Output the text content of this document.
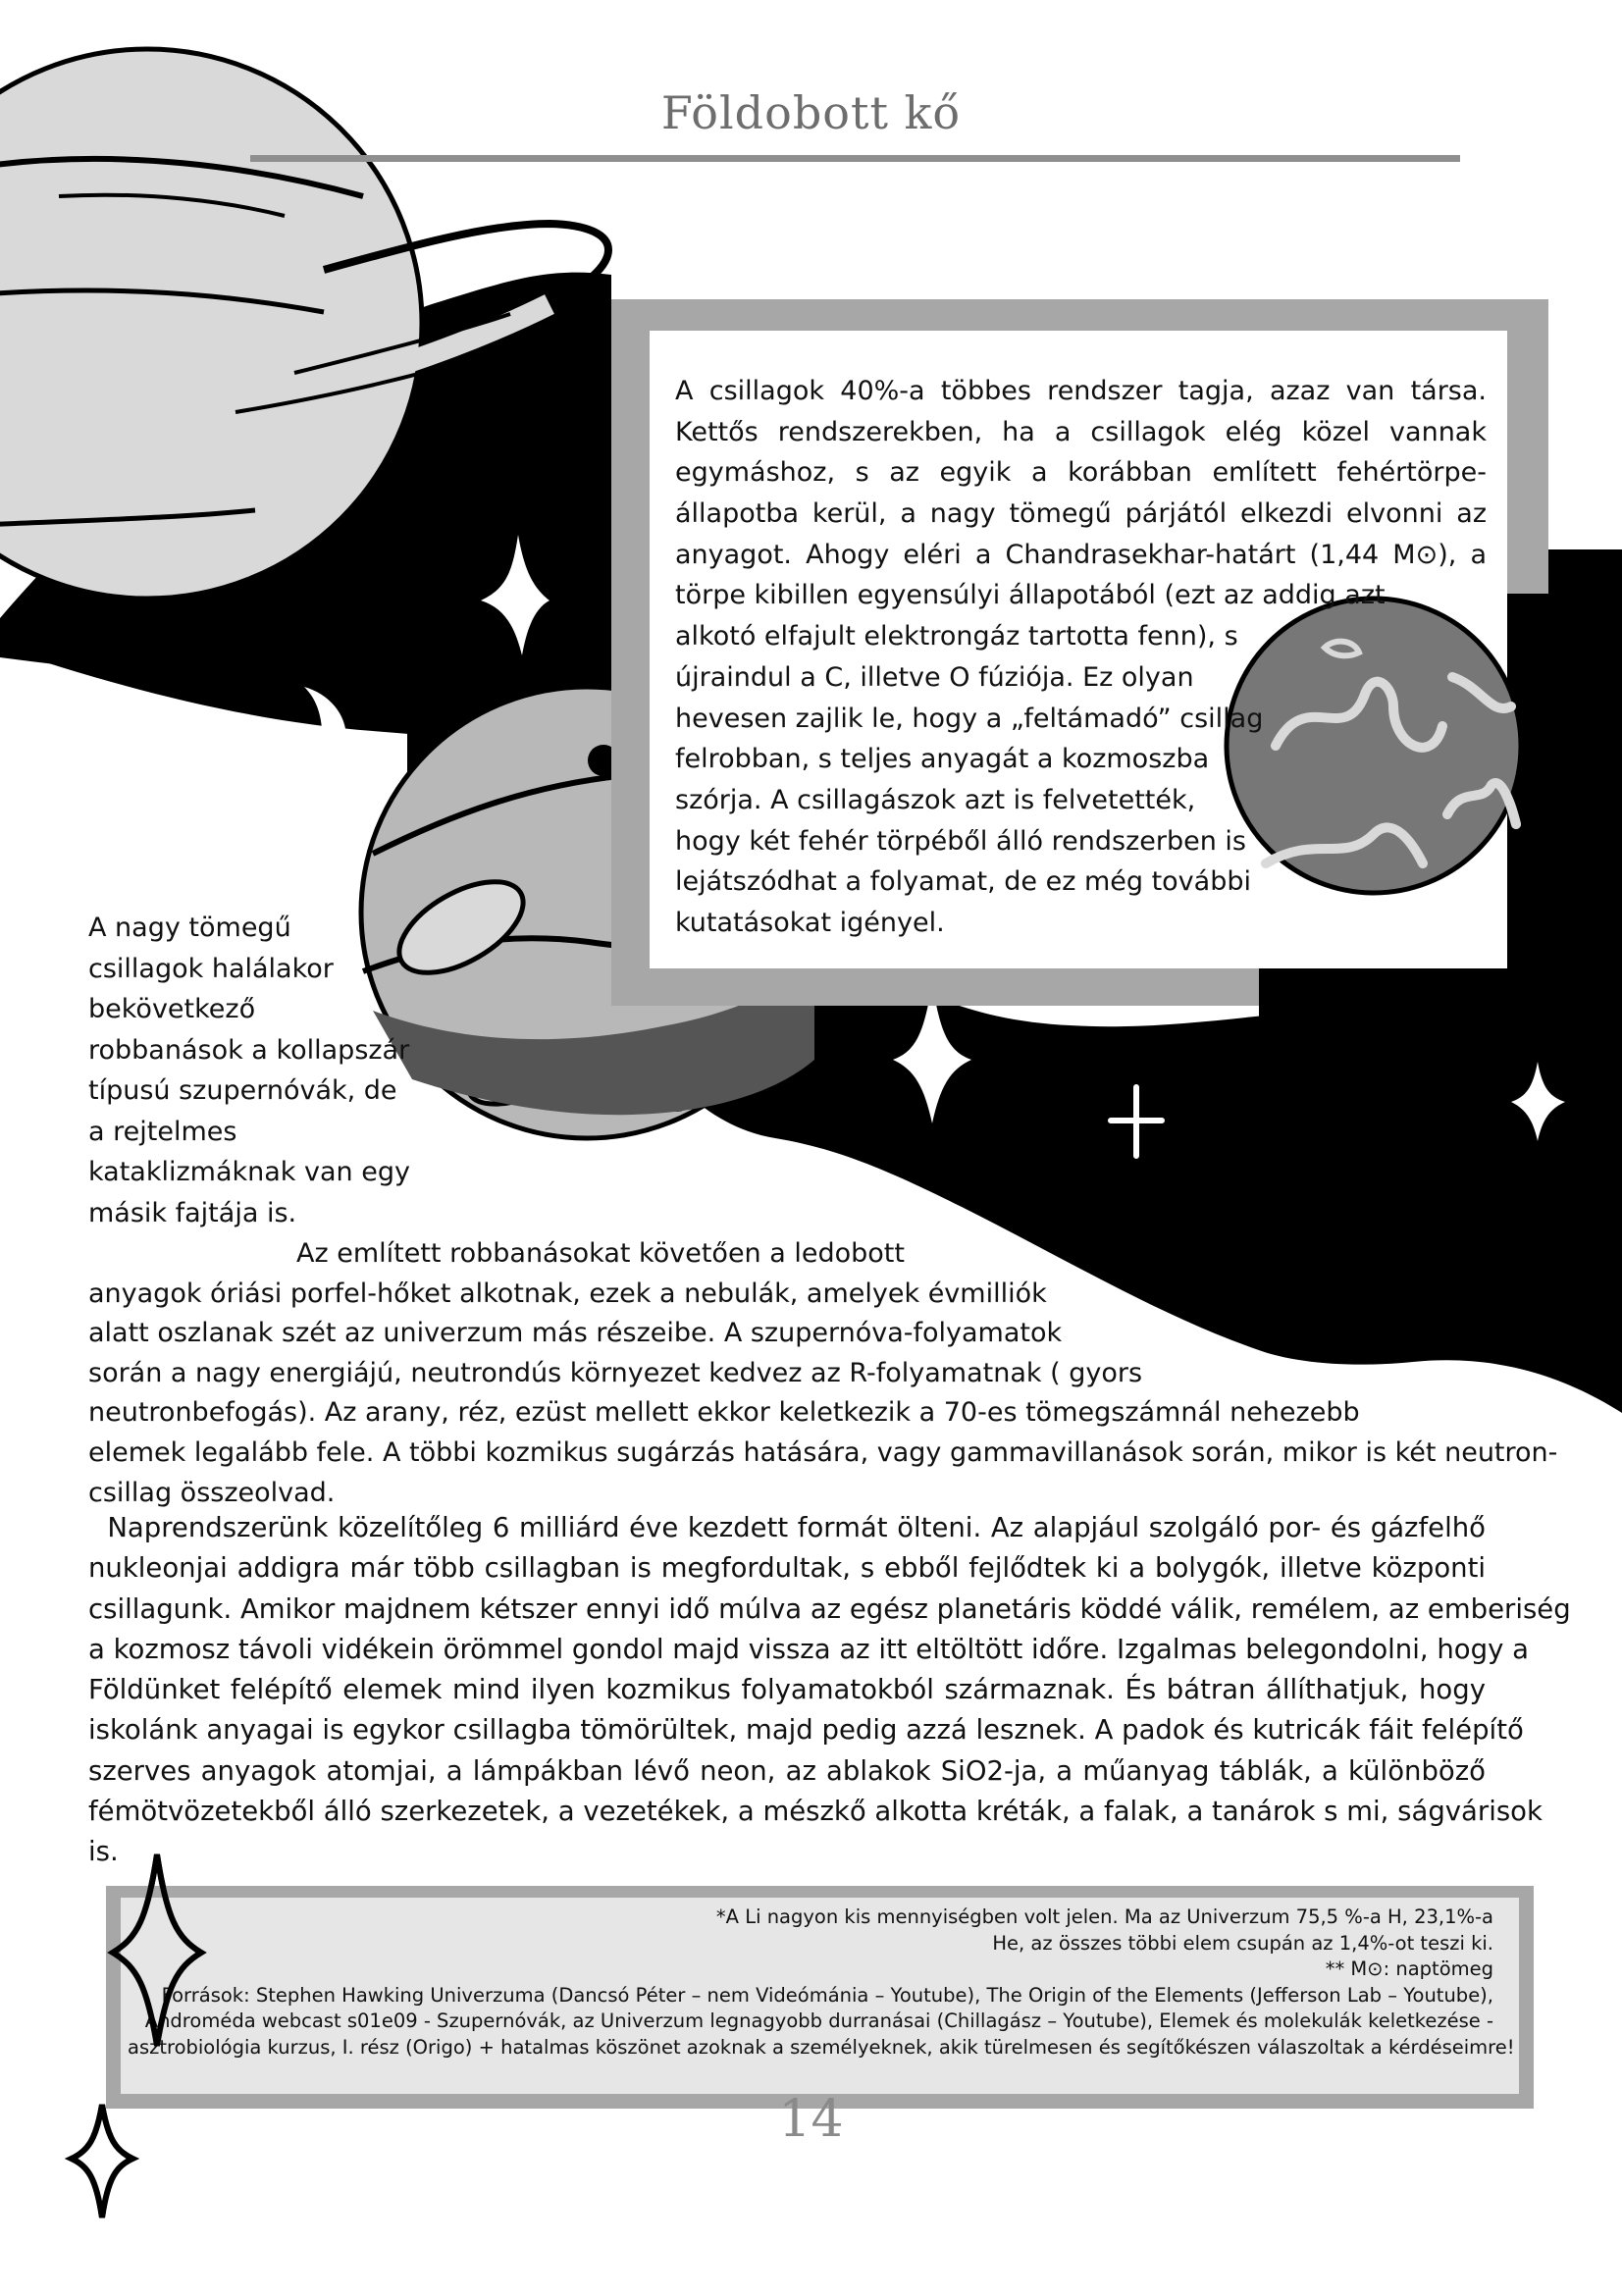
Földobott kő
A csillagok 40%-a többes rendszer tagja, azaz van társa.
Kettős rendszerekben, ha a csillagok elég közel vannak
egymáshoz, s az egyik a korábban említett fehértörpe-
állapotba kerül, a nagy tömegű párjától elkezdi elvonni az
anyagot. Ahogy eléri a Chandrasekhar-határt (1,44 M⊙), a
törpe kibillen egyensúlyi állapotából (ezt az addig azt
alkotó elfajult elektrongáz tartotta fenn), s
újraindul a C, illetve O fúziója. Ez olyan
hevesen zajlik le, hogy a „feltámadó” csillag
felrobban, s teljes anyagát a kozmoszba
szórja. A csillagászok azt is felvetették,
hogy két fehér törpéből álló rendszerben is
lejátszódhat a folyamat, de ez még további
kutatásokat igényel.
A nagy tömegű
csillagok halálakor
bekövetkező
robbanások a kollapszár
típusú szupernóvák, de
a rejtelmes
kataklizmáknak van egy
másik fajtája is.
Az említett robbanásokat követően a ledobott
anyagok óriási porfel-hőket alkotnak, ezek a nebulák, amelyek évmilliók
alatt oszlanak szét az univerzum más részeibe. A szupernóva-folyamatok
során a nagy energiájú, neutrondús környezet kedvez az R-folyamatnak ( gyors
neutronbefogás). Az arany, réz, ezüst mellett ekkor keletkezik a 70-es tömegszámnál nehezebb
elemek legalább fele. A többi kozmikus sugárzás hatására, vagy gammavillanások során, mikor is két neutron-
csillag összeolvad.
Naprendszerünk közelítőleg 6 milliárd éve kezdett formát ölteni. Az alapjául szolgáló por- és gázfelhő
nukleonjai addigra már több csillagban is megfordultak, s ebből fejlődtek ki a bolygók, illetve központi
csillagunk. Amikor majdnem kétszer ennyi idő múlva az egész planetáris köddé válik, remélem, az emberiség
a kozmosz távoli vidékein örömmel gondol majd vissza az itt eltöltött időre. Izgalmas belegondolni, hogy a
Földünket felépítő elemek mind ilyen kozmikus folyamatokból származnak. És bátran állíthatjuk, hogy
iskolánk anyagai is egykor csillagba tömörültek, majd pedig azzá lesznek. A padok és kutricák fáit felépítő
szerves anyagok atomjai, a lámpákban lévő neon, az ablakok SiO2-ja, a műanyag táblák, a különböző
fémötvözetekből álló szerkezetek, a vezetékek, a mészkő alkotta kréták, a falak, a tanárok s mi, ságvárisok
is.
*A Li nagyon kis mennyiségben volt jelen. Ma az Univerzum 75,5 %-a H, 23,1%-a
He, az összes többi elem csupán az 1,4%-ot teszi ki.
** M⊙: naptömeg
Források: Stephen Hawking Univerzuma (Dancsó Péter – nem Videómánia – Youtube), The Origin of the Elements (Jefferson Lab – Youtube),
Androméda webcast s01e09 - Szupernóvák, az Univerzum legnagyobb durranásai (Chillagász – Youtube), Elemek és molekulák keletkezése -
asztrobiológia kurzus, I. rész (Origo) + hatalmas köszönet azoknak a személyeknek, akik türelmesen és segítőkészen válaszoltak a kérdéseimre!
14
